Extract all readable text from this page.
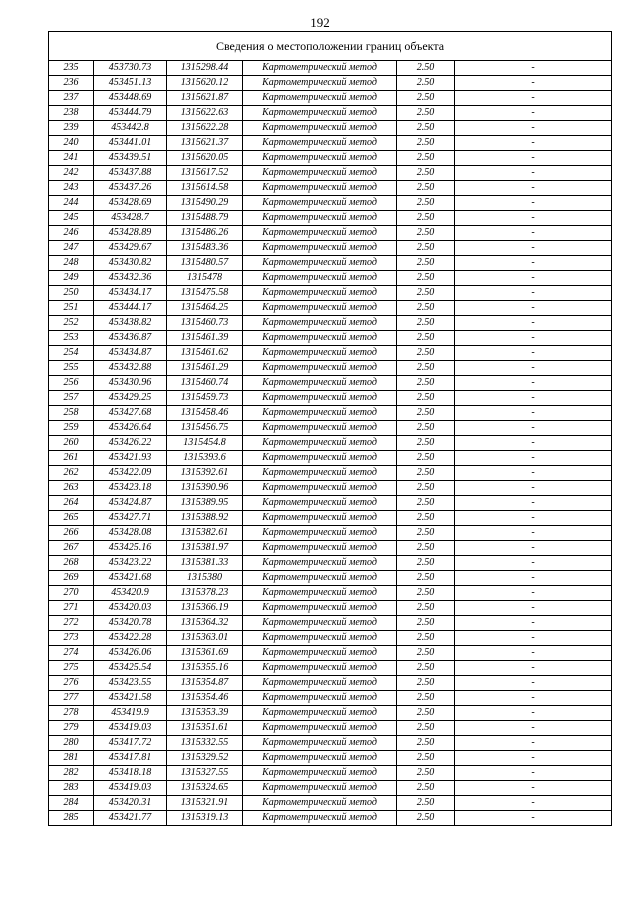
192
Сведения о местоположении границ объекта					
235	453730.73	1315298.44	Картометрический метод	2.50	-
236	453451.13	1315620.12	Картометрический метод	2.50	-
237	453448.69	1315621.87	Картометрический метод	2.50	-
238	453444.79	1315622.63	Картометрический метод	2.50	-
239	453442.8	1315622.28	Картометрический метод	2.50	-
240	453441.01	1315621.37	Картометрический метод	2.50	-
241	453439.51	1315620.05	Картометрический метод	2.50	-
242	453437.88	1315617.52	Картометрический метод	2.50	-
243	453437.26	1315614.58	Картометрический метод	2.50	-
244	453428.69	1315490.29	Картометрический метод	2.50	-
245	453428.7	1315488.79	Картометрический метод	2.50	-
246	453428.89	1315486.26	Картометрический метод	2.50	-
247	453429.67	1315483.36	Картометрический метод	2.50	-
248	453430.82	1315480.57	Картометрический метод	2.50	-
249	453432.36	1315478	Картометрический метод	2.50	-
250	453434.17	1315475.58	Картометрический метод	2.50	-
251	453444.17	1315464.25	Картометрический метод	2.50	-
252	453438.82	1315460.73	Картометрический метод	2.50	-
253	453436.87	1315461.39	Картометрический метод	2.50	-
254	453434.87	1315461.62	Картометрический метод	2.50	-
255	453432.88	1315461.29	Картометрический метод	2.50	-
256	453430.96	1315460.74	Картометрический метод	2.50	-
257	453429.25	1315459.73	Картометрический метод	2.50	-
258	453427.68	1315458.46	Картометрический метод	2.50	-
259	453426.64	1315456.75	Картометрический метод	2.50	-
260	453426.22	1315454.8	Картометрический метод	2.50	-
261	453421.93	1315393.6	Картометрический метод	2.50	-
262	453422.09	1315392.61	Картометрический метод	2.50	-
263	453423.18	1315390.96	Картометрический метод	2.50	-
264	453424.87	1315389.95	Картометрический метод	2.50	-
265	453427.71	1315388.92	Картометрический метод	2.50	-
266	453428.08	1315382.61	Картометрический метод	2.50	-
267	453425.16	1315381.97	Картометрический метод	2.50	-
268	453423.22	1315381.33	Картометрический метод	2.50	-
269	453421.68	1315380	Картометрический метод	2.50	-
270	453420.9	1315378.23	Картометрический метод	2.50	-
271	453420.03	1315366.19	Картометрический метод	2.50	-
272	453420.78	1315364.32	Картометрический метод	2.50	-
273	453422.28	1315363.01	Картометрический метод	2.50	-
274	453426.06	1315361.69	Картометрический метод	2.50	-
275	453425.54	1315355.16	Картометрический метод	2.50	-
276	453423.55	1315354.87	Картометрический метод	2.50	-
277	453421.58	1315354.46	Картометрический метод	2.50	-
278	453419.9	1315353.39	Картометрический метод	2.50	-
279	453419.03	1315351.61	Картометрический метод	2.50	-
280	453417.72	1315332.55	Картометрический метод	2.50	-
281	453417.81	1315329.52	Картометрический метод	2.50	-
282	453418.18	1315327.55	Картометрический метод	2.50	-
283	453419.03	1315324.65	Картометрический метод	2.50	-
284	453420.31	1315321.91	Картометрический метод	2.50	-
285	453421.77	1315319.13	Картометрический метод	2.50	-
